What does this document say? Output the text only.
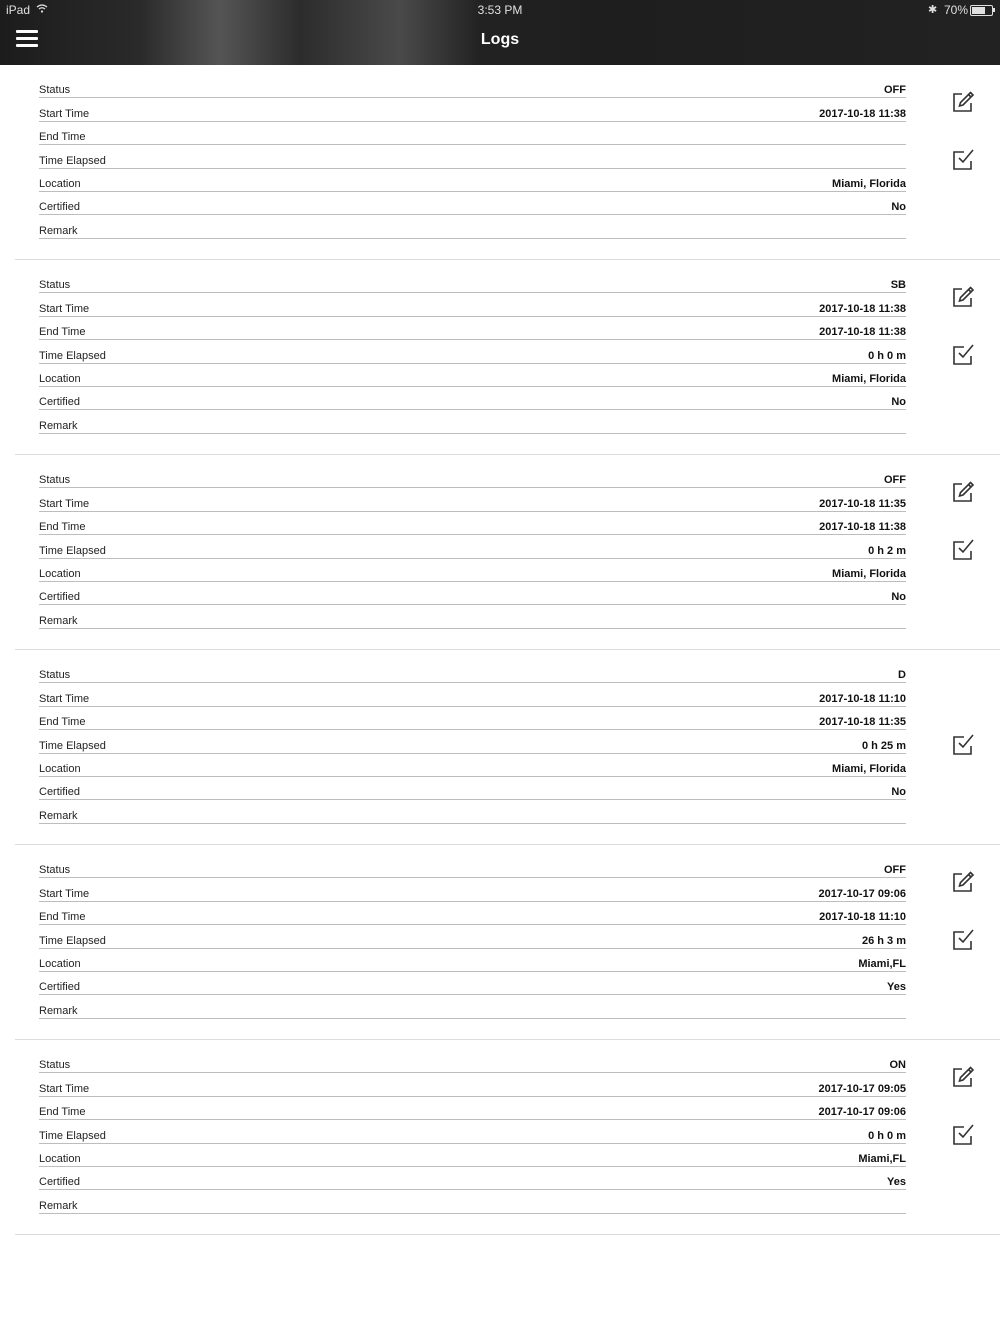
iPad	3:53 PM	✱ 70%
Logs
Status	OFF
Start Time	2017-10-18 11:38
End Time
Time Elapsed
Location	Miami, Florida
Certified	No
Remark
Status	SB
Start Time	2017-10-18 11:38
End Time	2017-10-18 11:38
Time Elapsed	0 h 0 m
Location	Miami, Florida
Certified	No
Remark
Status	OFF
Start Time	2017-10-18 11:35
End Time	2017-10-18 11:38
Time Elapsed	0 h 2 m
Location	Miami, Florida
Certified	No
Remark
Status	D
Start Time	2017-10-18 11:10
End Time	2017-10-18 11:35
Time Elapsed	0 h 25 m
Location	Miami, Florida
Certified	No
Remark
Status	OFF
Start Time	2017-10-17 09:06
End Time	2017-10-18 11:10
Time Elapsed	26 h 3 m
Location	Miami,FL
Certified	Yes
Remark
Status	ON
Start Time	2017-10-17 09:05
End Time	2017-10-17 09:06
Time Elapsed	0 h 0 m
Location	Miami,FL
Certified	Yes
Remark
